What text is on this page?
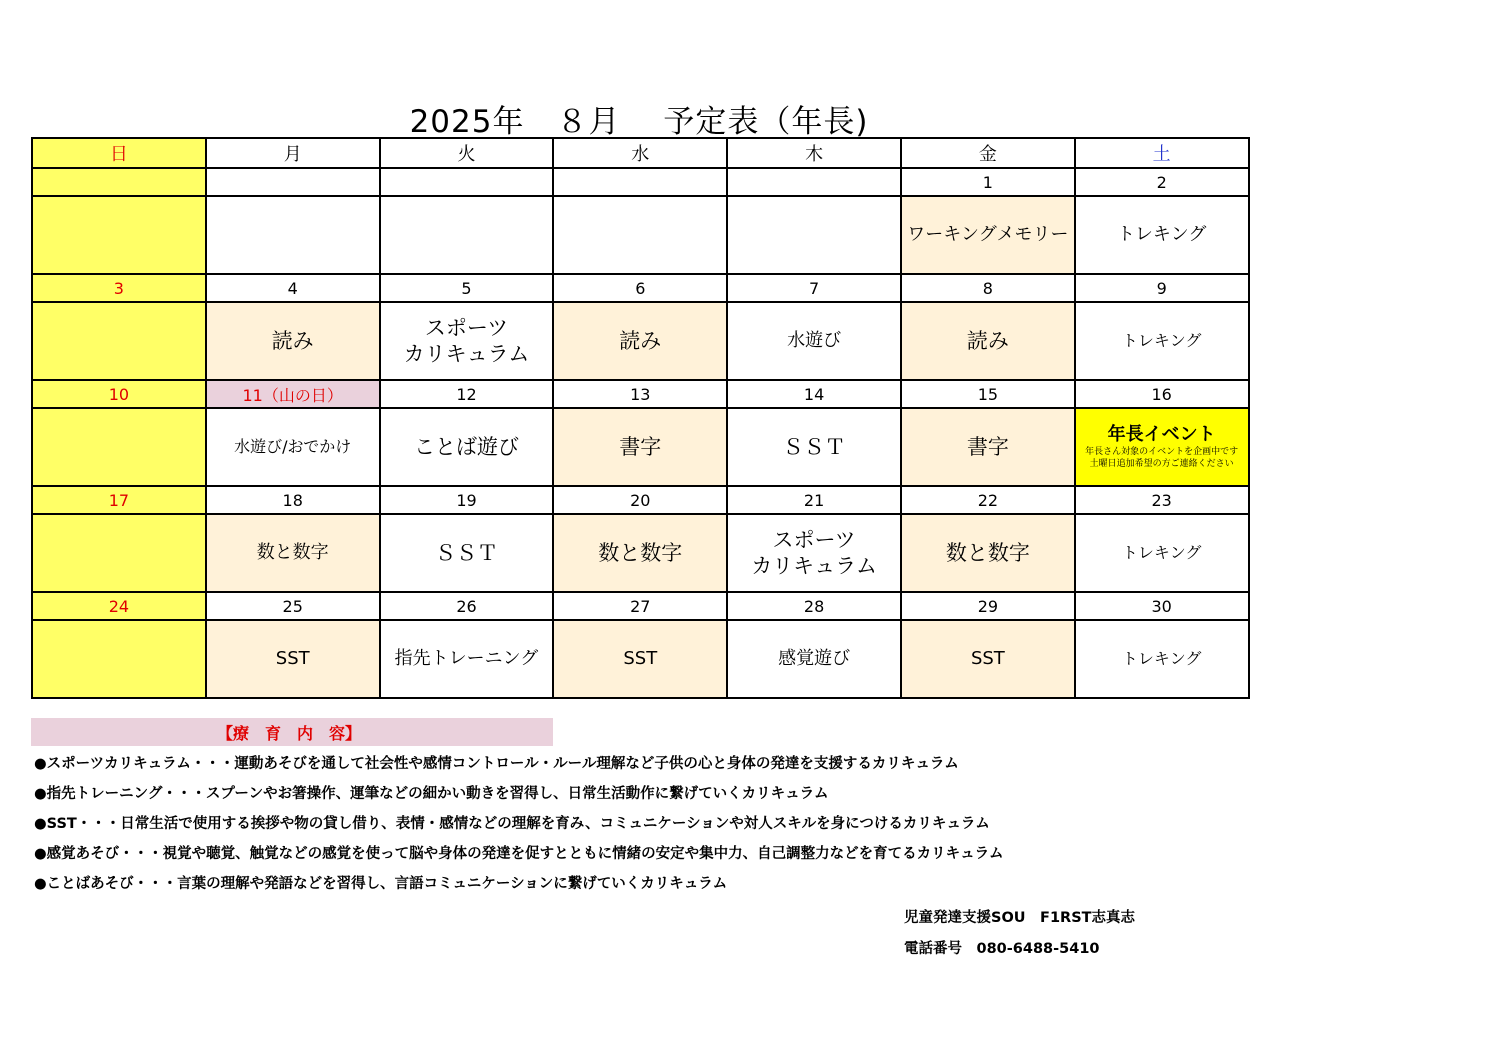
2025年　８月　 予定表（年長)
日	月	火	水	木	金	土
					1	2
					ワーキングメモリー	トレキング
3	4	5	6	7	8	9
	読み	スポーツ
カリキュラム	読み	水遊び	読み	トレキング
10	11（山の日）	12	13	14	15	16
	水遊び/おでかけ	ことば遊び	書字	ＳＳＴ	書字	年長イベント
年長さん対象のイベントを企画中です
土曜日追加希望の方ご連絡ください

17	18	19	20	21	22	23
	数と数字	ＳＳＴ	数と数字	スポーツ
カリキュラム	数と数字	トレキング
24	25	26	27	28	29	30
	SST	指先トレーニング	SST	感覚遊び	SST	トレキング
【療　育　内　容】
●スポーツカリキュラム・・・運動あそびを通して社会性や感情コントロール・ルール理解など子供の心と身体の発達を支援するカリキュラム
●指先トレーニング・・・スプーンやお箸操作、運筆などの細かい動きを習得し、日常生活動作に繋げていくカリキュラム
●SST・・・日常生活で使用する挨拶や物の貸し借り、表情・感情などの理解を育み、コミュニケーションや対人スキルを身につけるカリキュラム
●感覚あそび・・・視覚や聴覚、触覚などの感覚を使って脳や身体の発達を促すとともに情緒の安定や集中力、自己調整力などを育てるカリキュラム
●ことばあそび・・・言葉の理解や発語などを習得し、言語コミュニケーションに繋げていくカリキュラム
児童発達支援SOU　F1RST志真志
電話番号　080-6488-5410
